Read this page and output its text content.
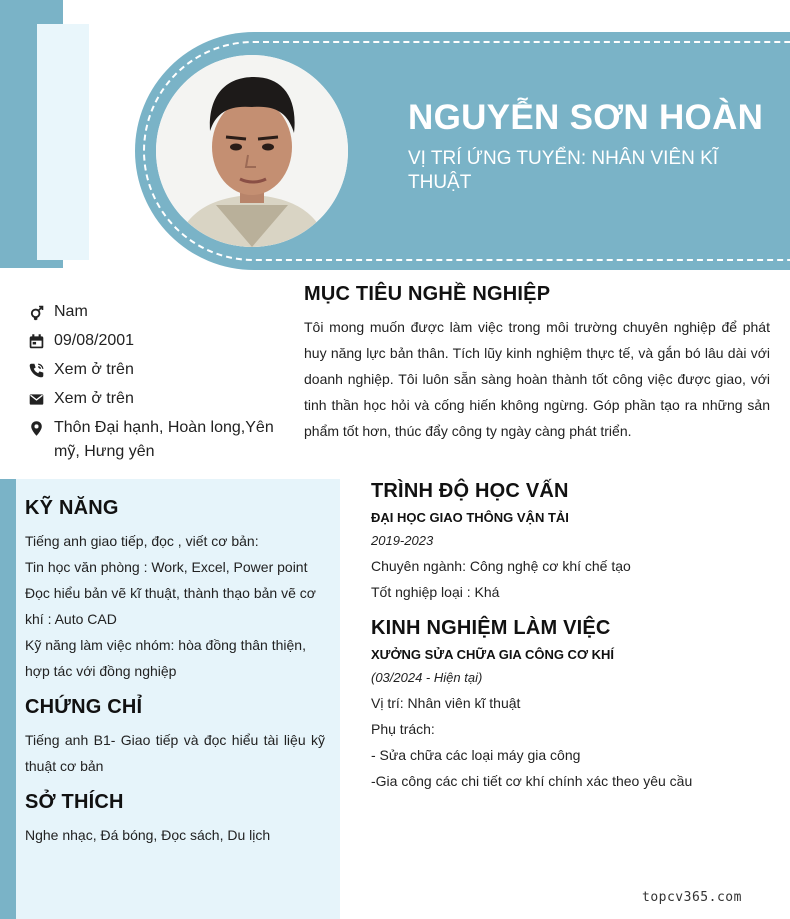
NGUYỄN SƠN HOÀN
VỊ TRÍ ỨNG TUYỂN: NHÂN VIÊN KĨ THUẬT
Nam
09/08/2001
Xem ở trên
Xem ở trên
Thôn Đại hạnh, Hoàn long,Yên mỹ, Hưng yên
MỤC TIÊU NGHỀ NGHIỆP
Tôi mong muốn được làm việc trong môi trường chuyên nghiệp để phát huy năng lực bản thân. Tích lũy kinh nghiệm thực tế, và gắn bó lâu dài với doanh nghiệp. Tôi luôn sẵn sàng hoàn thành tốt công việc được giao, với tinh thần học hỏi và cống hiến không ngừng. Góp phần tạo ra những sản phẩm tốt hơn, thúc đẩy công ty ngày càng phát triển.
KỸ NĂNG
Tiếng anh giao tiếp, đọc , viết cơ bản:
Tin học văn phòng : Work, Excel, Power point
Đọc hiểu bản vẽ kĩ thuật, thành thạo bản vẽ cơ khí : Auto CAD
Kỹ năng làm việc nhóm: hòa đồng thân thiện, hợp tác với đồng nghiệp
CHỨNG CHỈ
Tiếng anh B1- Giao tiếp và đọc hiểu tài liệu kỹ thuật cơ bản
SỞ THÍCH
Nghe nhạc, Đá bóng, Đọc sách, Du lịch
TRÌNH ĐỘ HỌC VẤN
ĐẠI HỌC GIAO THÔNG VẬN TẢI
2019-2023
Chuyên ngành: Công nghệ cơ khí chế tạo
Tốt nghiệp loại : Khá
KINH NGHIỆM LÀM VIỆC
XƯỞNG SỬA CHỮA GIA CÔNG CƠ KHÍ
(03/2024 - Hiện tại)
Vị trí: Nhân viên kĩ thuật
Phụ trách:
- Sửa chữa các loại máy gia công
-Gia công các chi tiết cơ khí chính xác theo yêu cầu
topcv365.com
